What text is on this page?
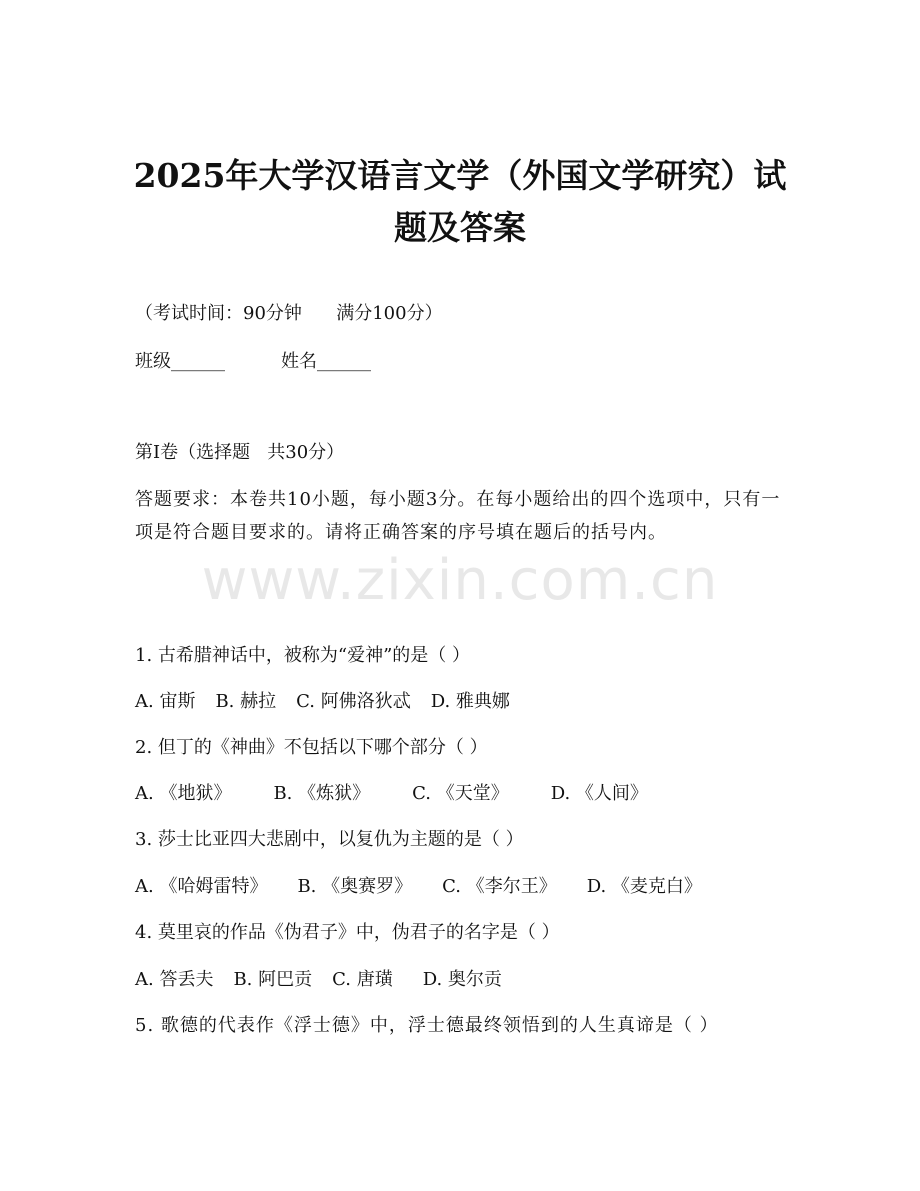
2025年大学汉语言文学（外国文学研究）试
题及答案

（考试时间：90分钟      满分100分）

班级______	姓名______

第I卷（选择题   共30分）

答题要求：本卷共10小题，每小题3分。在每小题给出的四个选项中，只有一项是符合题目要求的。请将正确答案的序号填在题后的括号内。

www.zixin.com.cn

1. 古希腊神话中，被称为“爱神”的是（ ）

A. 宙斯 B. 赫拉 C. 阿佛洛狄忒 D. 雅典娜

2. 但丁的《神曲》不包括以下哪个部分（ ）

A. 《地狱》 B. 《炼狱》 C. 《天堂》 D. 《人间》

3. 莎士比亚四大悲剧中，以复仇为主题的是（ ）

A. 《哈姆雷特》 B. 《奥赛罗》 C. 《李尔王》 D. 《麦克白》

4. 莫里哀的作品《伪君子》中，伪君子的名字是（ ）

A. 答丢夫 B. 阿巴贡 C. 唐璜 D. 奥尔贡

5. 歌德的代表作《浮士德》中，浮士德最终领悟到的人生真谛是（ ）
